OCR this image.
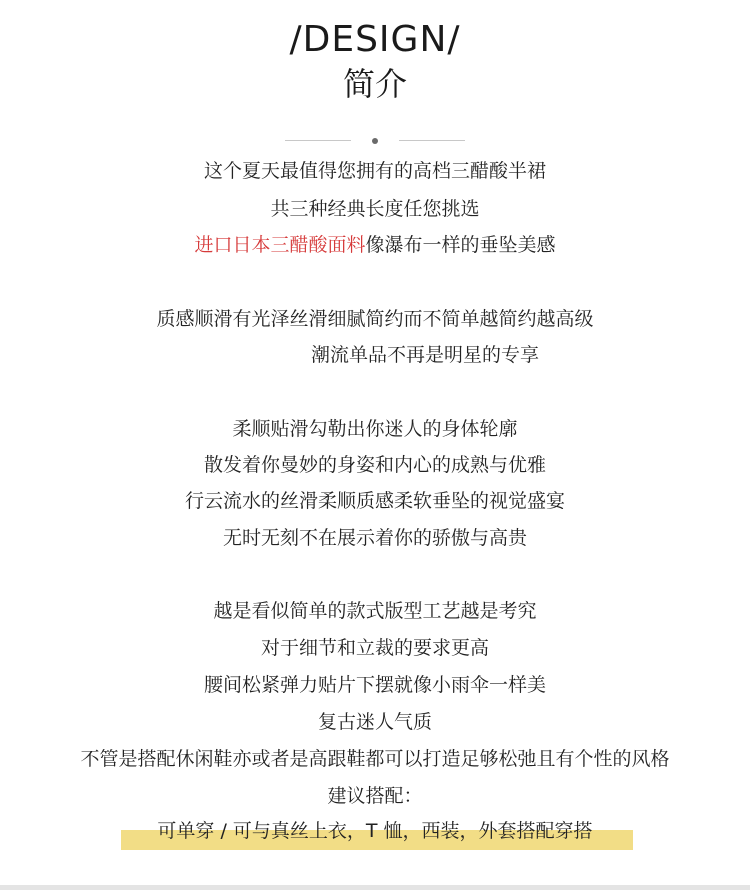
/DESIGN/
简介
这个夏天最值得您拥有的高档三醋酸半裙
共三种经典长度任您挑选
进口日本三醋酸面料像瀑布一样的垂坠美感
质感顺滑有光泽丝滑细腻简约而不简单越简约越高级
潮流单品不再是明星的专享
柔顺贴滑勾勒出你迷人的身体轮廓
散发着你曼妙的身姿和内心的成熟与优雅
行云流水的丝滑柔顺质感柔软垂坠的视觉盛宴
无时无刻不在展示着你的骄傲与高贵
越是看似简单的款式版型工艺越是考究
对于细节和立裁的要求更高
腰间松紧弹力贴片下摆就像小雨伞一样美
复古迷人气质
不管是搭配休闲鞋亦或者是高跟鞋都可以打造足够松弛且有个性的风格
建议搭配：
可单穿 / 可与真丝上衣，T 恤，西装，外套搭配穿搭
